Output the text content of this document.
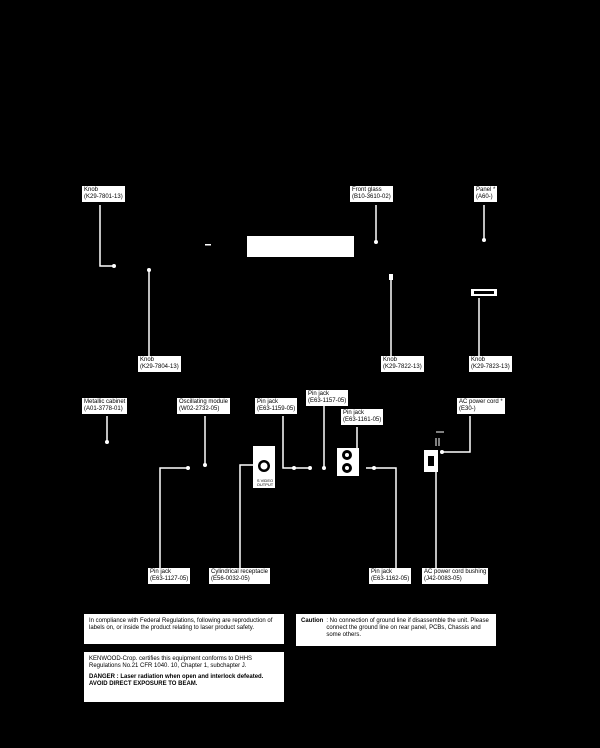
Knob
(K29-7801-13)
Front glass
(B10-3610-02)
Panel *
(A60-)
Knob
(K29-7804-13)
Knob
(K29-7822-13)
Knob
(K29-7823-13)
Metallic cabinet
(A01-3778-01)
Oscillating module
(W02-2732-05)
Pin jack
(E63-1159-05)
Pin jack
(E63-1157-05)
Pin jack
(E63-1161-05)
AC power cord *
(E30-)
Pin jack
(E63-1127-05)
Cylindrical receptacle
(E56-0032-05)
Pin jack
(E63-1162-05)
AC power cord bushing
(J42-0083-05)
S VIDEO OUTPUT
In compliance with Federal Regulations, following are reproduction of labels on, or inside the product relating to laser product safety.
Caution : No connection of ground line if disassemble the unit. Please connect the ground line on rear panel, PCBs, Chassis and some others.

KENWOOD-Crop. certifies this equipment conforms to DHHS Regulations No.21 CFR 1040. 10, Chapter 1, subchapter J.

DANGER : Laser radiation when open and interlock defeated.

AVOID DIRECT EXPOSURE TO BEAM.
